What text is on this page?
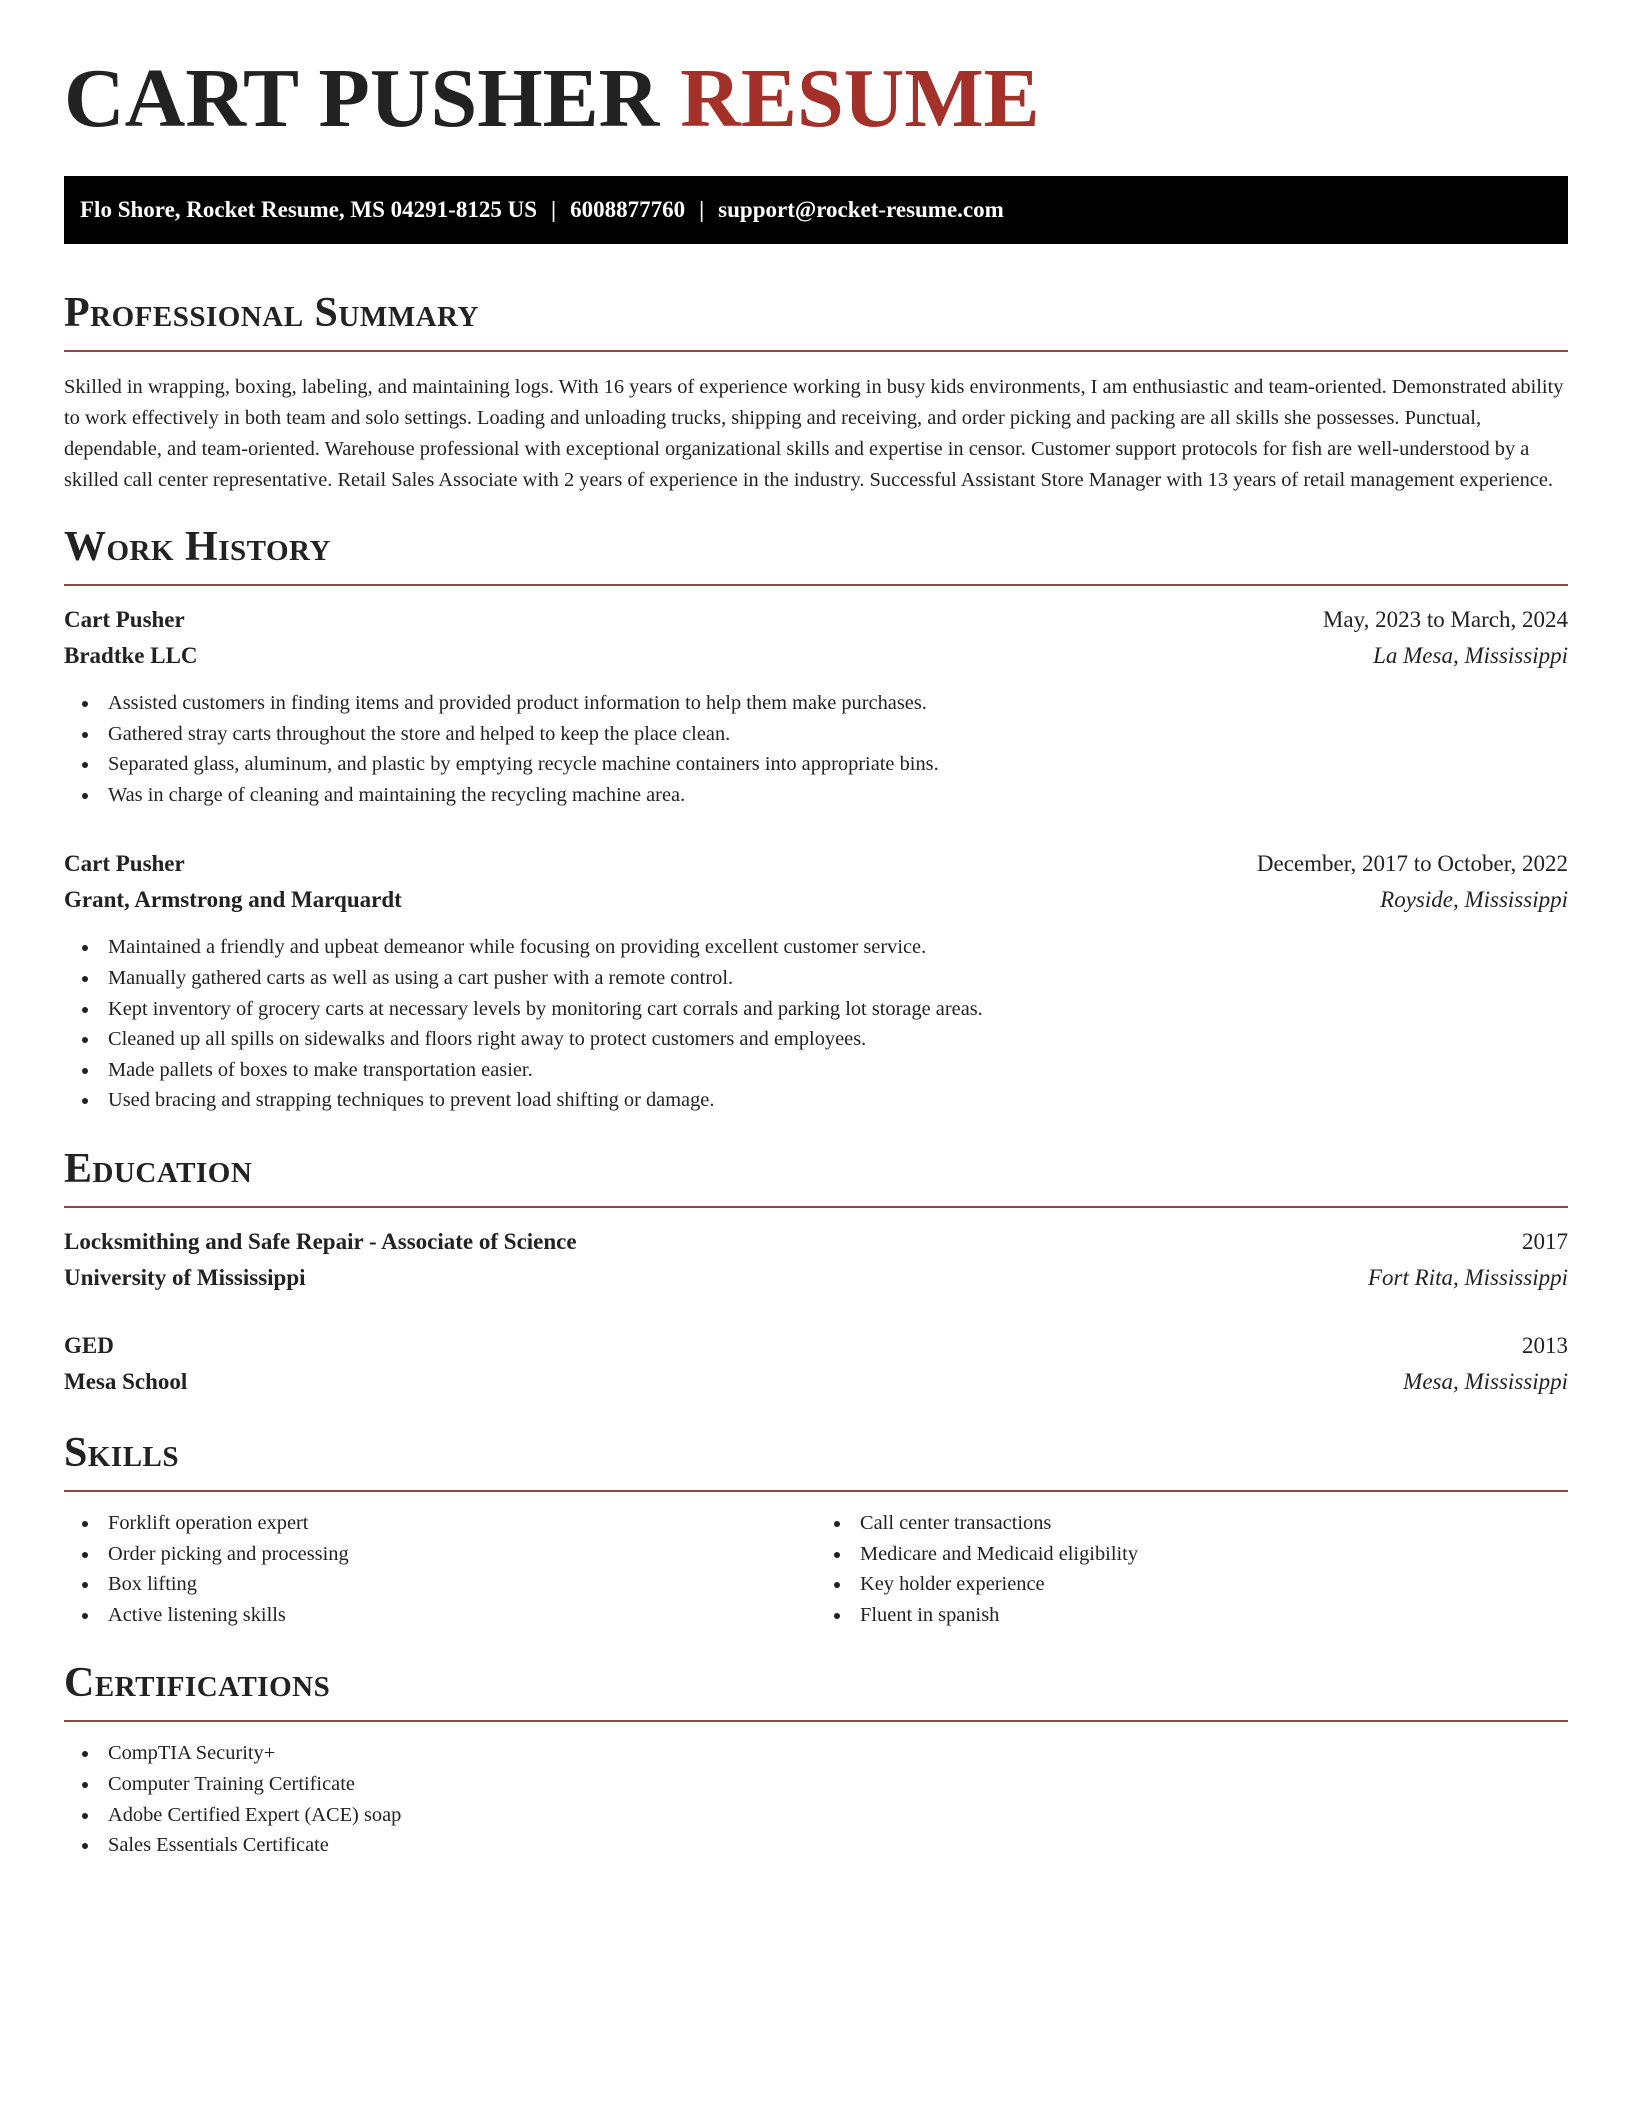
CART PUSHER RESUME
Flo Shore, Rocket Resume, MS 04291-8125 US | 6008877760 | support@rocket-resume.com
Professional Summary

Skilled in wrapping, boxing, labeling, and maintaining logs. With 16 years of experience working in busy kids environments, I am enthusiastic and team-oriented. Demonstrated ability to work effectively in both team and solo settings. Loading and unloading trucks, shipping and receiving, and order picking and packing are all skills she possesses. Punctual, dependable, and team-oriented. Warehouse professional with exceptional organizational skills and expertise in censor. Customer support protocols for fish are well-understood by a skilled call center representative. Retail Sales Associate with 2 years of experience in the industry. Successful Assistant Store Manager with 13 years of retail management experience.

Work History
Cart Pusher	May, 2023 to March, 2024
Bradtke LLC	La Mesa, Mississippi
Assisted customers in finding items and provided product information to help them make purchases.
Gathered stray carts throughout the store and helped to keep the place clean.
Separated glass, aluminum, and plastic by emptying recycle machine containers into appropriate bins.
Was in charge of cleaning and maintaining the recycling machine area.
Cart Pusher	December, 2017 to October, 2022
Grant, Armstrong and Marquardt	Royside, Mississippi
Maintained a friendly and upbeat demeanor while focusing on providing excellent customer service.
Manually gathered carts as well as using a cart pusher with a remote control.
Kept inventory of grocery carts at necessary levels by monitoring cart corrals and parking lot storage areas.
Cleaned up all spills on sidewalks and floors right away to protect customers and employees.
Made pallets of boxes to make transportation easier.
Used bracing and strapping techniques to prevent load shifting or damage.
Education
Locksmithing and Safe Repair - Associate of Science	2017
University of Mississippi	Fort Rita, Mississippi
GED	2013
Mesa School	Mesa, Mississippi
Skills
Forklift operation expert
Order picking and processing
Box lifting
Active listening skills
Call center transactions
Medicare and Medicaid eligibility
Key holder experience
Fluent in spanish
Certifications
CompTIA Security+
Computer Training Certificate
Adobe Certified Expert (ACE) soap
Sales Essentials Certificate
